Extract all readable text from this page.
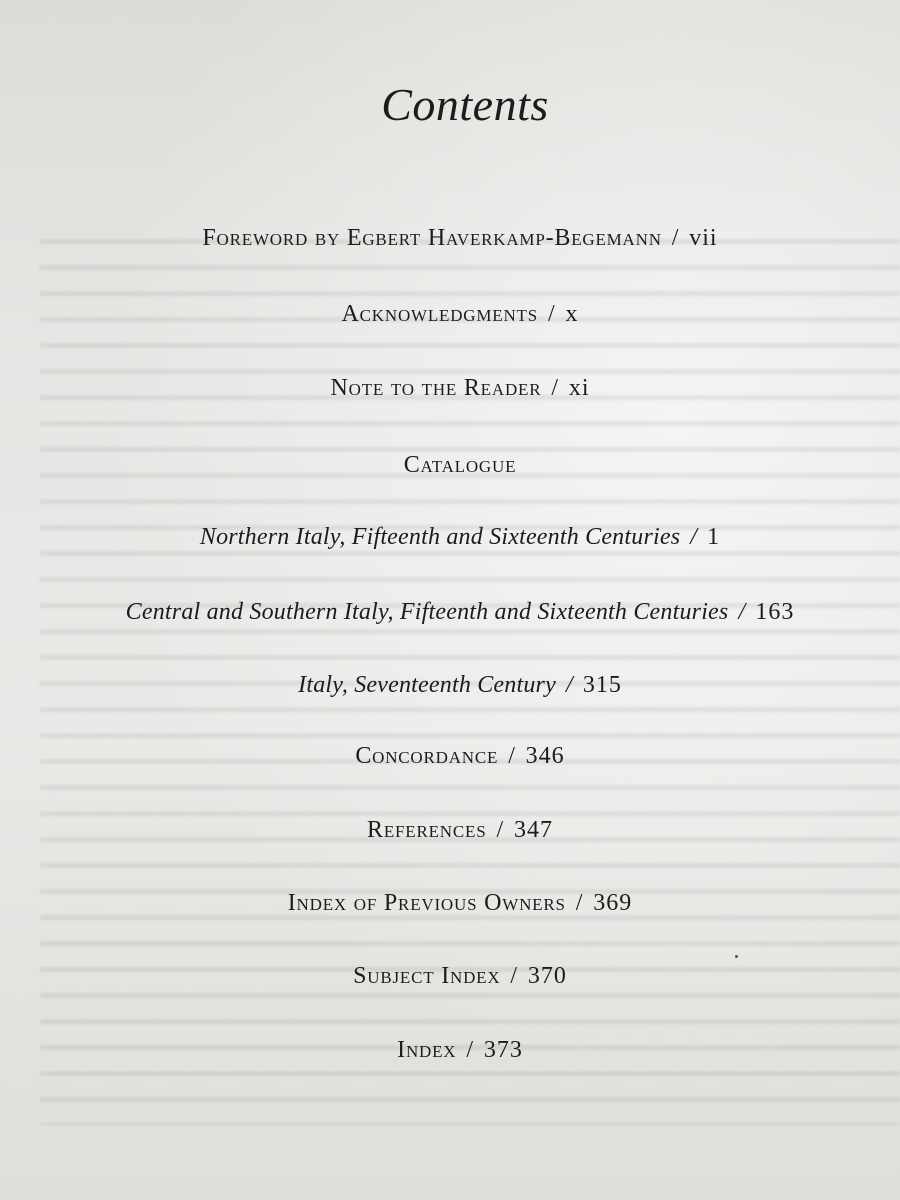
Contents
Foreword by Egbert Haverkamp-Begemann / vii
Acknowledgments / x
Note to the Reader / xi
Catalogue
Northern Italy, Fifteenth and Sixteenth Centuries / 1
Central and Southern Italy, Fifteenth and Sixteenth Centuries / 163
Italy, Seventeenth Century / 315
Concordance / 346
References / 347
Index of Previous Owners / 369
Subject Index / 370
Index / 373
